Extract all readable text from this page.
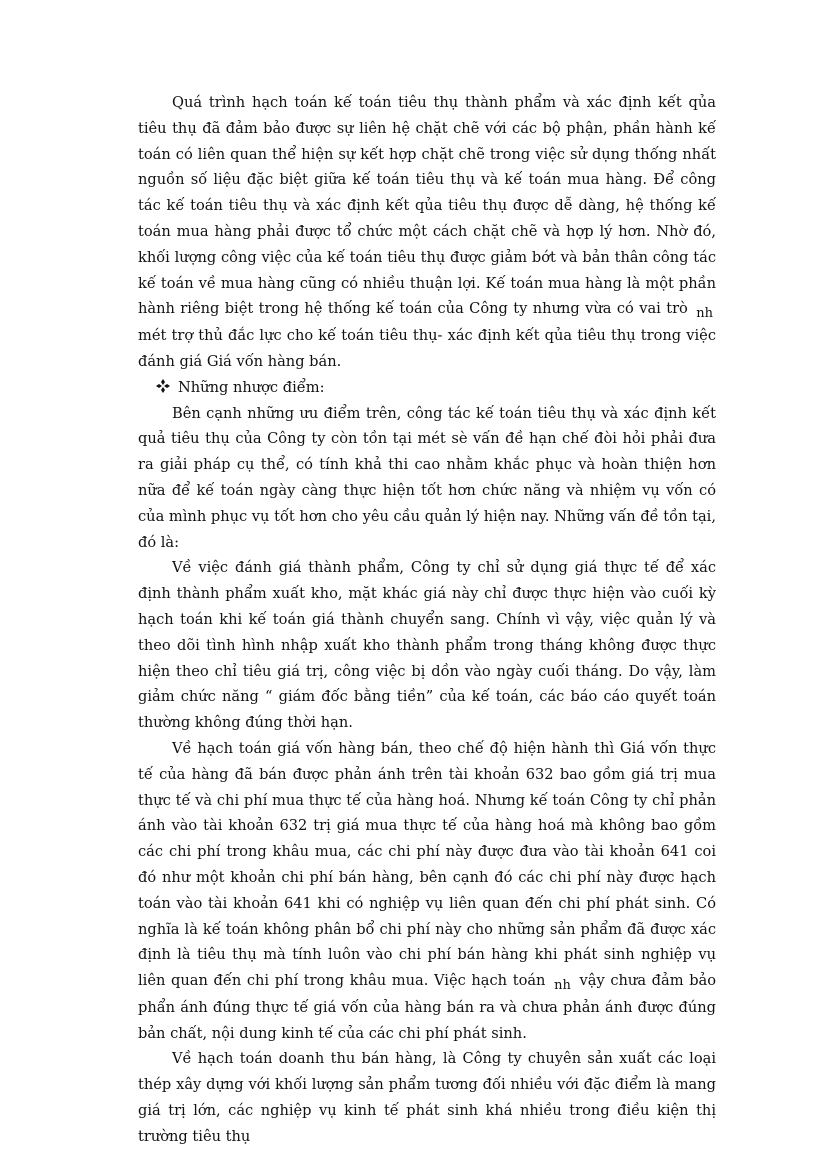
Quá trình hạch toán kế toán tiêu thụ thành phẩm và xác định kết qủa tiêu thụ đã đảm bảo được sự liên hệ chặt chẽ với các bộ phận, phần hành kế toán có liên quan thể hiện sự kết hợp chặt chẽ trong việc sử dụng thống nhất nguồn số liệu đặc biệt giữa kế toán tiêu thụ và kế toán mua hàng. Để công tác kế toán tiêu thụ và xác định kết qủa tiêu thụ được dễ dàng, hệ thống kế toán mua hàng phải được tổ chức một cách chặt chẽ và hợp lý hơn. Nhờ đó, khối lượng công việc của kế toán tiêu thụ được giảm bớt và bản thân công tác kế toán về mua hàng cũng có nhiều thuận lợi. Kế toán mua hàng là một phần hành riêng biệt trong hệ thống kế toán của Công ty nhưng vừa có vai trò nh mét trợ thủ đắc lực cho kế toán tiêu thụ- xác định kết qủa tiêu thụ trong việc đánh giá Giá vốn hàng bán.

Những nhược điểm:

Bên cạnh những ưu điểm trên, công tác kế toán tiêu thụ và xác định kết quả tiêu thụ của Công ty còn tồn tại mét sè vấn đề hạn chế đòi hỏi phải đưa ra giải pháp cụ thể, có tính khả thi cao nhằm khắc phục và hoàn thiện hơn nữa để kế toán ngày càng thực hiện tốt hơn chức năng và nhiệm vụ vốn có của mình phục vụ tốt hơn cho yêu cầu quản lý hiện nay. Những vấn đề tồn tại, đó là:

Về việc đánh giá thành phẩm, Công ty chỉ sử dụng giá thực tế để xác định thành phẩm xuất kho, mặt khác giá này chỉ được thực hiện vào cuối kỳ hạch toán khi kế toán giá thành chuyển sang. Chính vì vậy, việc quản lý và theo dõi tình hình nhập xuất kho thành phẩm trong tháng không được thực hiện theo chỉ tiêu giá trị, công việc bị dồn vào ngày cuối tháng. Do vậy, làm giảm chức năng “ giám đốc bằng tiền” của kế toán, các báo cáo quyết toán thường không đúng thời hạn.

Về hạch toán giá vốn hàng bán, theo chế độ hiện hành thì Giá vốn thực tế của hàng đã bán được phản ánh trên tài khoản 632 bao gồm giá trị mua thực tế và chi phí mua thực tế của hàng hoá. Nhưng kế toán Công ty chỉ phản ánh vào tài khoản 632 trị giá mua thực tế của hàng hoá mà không bao gồm các chi phí trong khâu mua, các chi phí này được đưa vào tài khoản 641 coi đó như một khoản chi phí bán hàng, bên cạnh đó các chi phí này được hạch toán vào tài khoản 641 khi có nghiệp vụ liên quan đến chi phí phát sinh. Có nghĩa là kế toán không phân bổ chi phí này cho những sản phẩm đã được xác định là tiêu thụ mà tính luôn vào chi phí bán hàng khi phát sinh nghiệp vụ liên quan đến chi phí trong khâu mua. Việc hạch toán nh vậy chưa đảm bảo phẩn ánh đúng thực tế giá vốn của hàng bán ra và chưa phản ánh được đúng bản chất, nội dung kinh tế của các chi phí phát sinh.

Về hạch toán doanh thu bán hàng, là Công ty chuyên sản xuất các loại thép xây dựng với khối lượng sản phẩm tương đối nhiều với đặc điểm là mang giá trị lớn, các nghiệp vụ kinh tế phát sinh khá nhiều trong điều kiện thị trường tiêu thụ
